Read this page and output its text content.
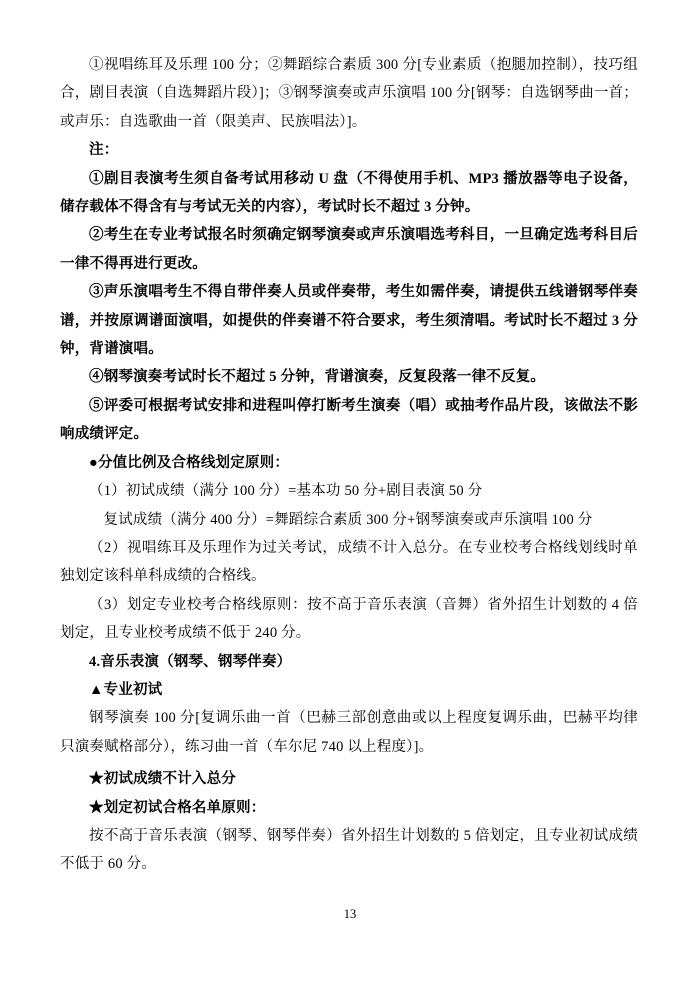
①视唱练耳及乐理 100 分；②舞蹈综合素质 300 分[专业素质（抱腿加控制），技巧组合，剧目表演（自选舞蹈片段）]；③钢琴演奏或声乐演唱 100 分[钢琴：自选钢琴曲一首；或声乐：自选歌曲一首（限美声、民族唱法）]。

注：

①剧目表演考生须自备考试用移动 U 盘（不得使用手机、MP3 播放器等电子设备，储存载体不得含有与考试无关的内容），考试时长不超过 3 分钟。

②考生在专业考试报名时须确定钢琴演奏或声乐演唱选考科目，一旦确定选考科目后一律不得再进行更改。

③声乐演唱考生不得自带伴奏人员或伴奏带，考生如需伴奏，请提供五线谱钢琴伴奏谱，并按原调谱面演唱，如提供的伴奏谱不符合要求，考生须清唱。考试时长不超过 3 分钟，背谱演唱。

④钢琴演奏考试时长不超过 5 分钟，背谱演奏，反复段落一律不反复。

⑤评委可根据考试安排和进程叫停打断考生演奏（唱）或抽考作品片段，该做法不影响成绩评定。

●分值比例及合格线划定原则：

（1）初试成绩（满分 100 分）=基本功 50 分+剧目表演 50 分

复试成绩（满分 400 分）=舞蹈综合素质 300 分+钢琴演奏或声乐演唱 100 分

（2）视唱练耳及乐理作为过关考试，成绩不计入总分。在专业校考合格线划线时单独划定该科单科成绩的合格线。

（3）划定专业校考合格线原则：按不高于音乐表演（音舞）省外招生计划数的 4 倍划定，且专业校考成绩不低于 240 分。

4.音乐表演（钢琴、钢琴伴奏）

▲专业初试

钢琴演奏 100 分[复调乐曲一首（巴赫三部创意曲或以上程度复调乐曲，巴赫平均律只演奏赋格部分），练习曲一首（车尔尼 740 以上程度）]。

★初试成绩不计入总分

★划定初试合格名单原则：

按不高于音乐表演（钢琴、钢琴伴奏）省外招生计划数的 5 倍划定，且专业初试成绩不低于 60 分。

13
